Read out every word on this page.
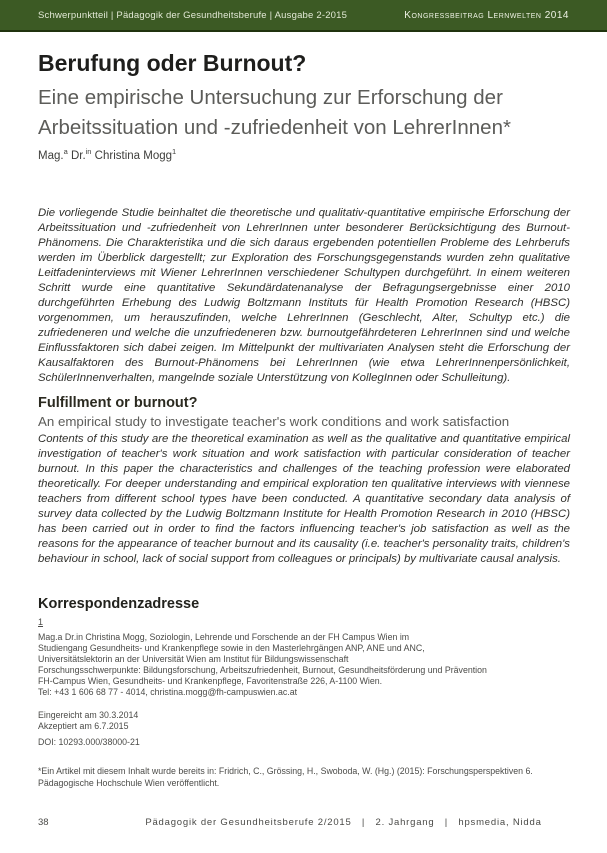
Schwerpunktteil | Pädagogik der Gesundheitsberufe | Ausgabe 2-2015	Kongressbeitrag Lernwelten 2014
Berufung oder Burnout?
Eine empirische Untersuchung zur Erforschung der
Arbeitssituation und -zufriedenheit von LehrerInnen*
Mag.$^a$ Dr.$^{in}$ Christina Mogg$^1$

Die vorliegende Studie beinhaltet die theoretische und qualitativ-quantitative empirische Erforschung der Arbeitssituation und -zufriedenheit von LehrerInnen unter besonderer Berücksichtigung des Burnout-Phänomens. Die Charakteristika und die sich daraus ergebenden potentiellen Probleme des Lehrberufs werden im Überblick dargestellt; zur Exploration des Forschungsgegenstands wurden zehn qualitative Leitfadeninterviews mit Wiener LehrerInnen verschiedener Schultypen durchgeführt. In einem weiteren Schritt wurde eine quantitative Sekundärdatenanalyse der Befragungsergebnisse einer 2010 durchgeführten Erhebung des Ludwig Boltzmann Instituts für Health Promotion Research (HBSC) vorgenommen, um herauszufinden, welche LehrerInnen (Geschlecht, Alter, Schultyp etc.) die zufriedeneren und welche die unzufriedeneren bzw. burnoutgefährdeteren LehrerInnen sind und welche Einflussfaktoren sich dabei zeigen. Im Mittelpunkt der multivariaten Analysen steht die Erforschung der Kausalfaktoren des Burnout-Phänomens bei LehrerInnen (wie etwa LehrerInnenpersönlichkeit, SchülerInnenverhalten, mangelnde soziale Unterstützung von KollegInnen oder Schulleitung).

Fulfillment or burnout?
An empirical study to investigate teacher's work conditions and work satisfaction

Contents of this study are the theoretical examination as well as the qualitative and quantitative empirical investigation of teacher's work situation and work satisfaction with particular consideration of teacher burnout. In this paper the characteristics and challenges of the teaching profession were elaborated theoretically. For deeper understanding and empirical exploration ten qualitative interviews with viennese teachers from different school types have been conducted. A quantitative secondary data analysis of survey data collected by the Ludwig Boltzmann Institute for Health Promotion Research in 2010 (HBSC) has been carried out in order to find the factors influencing teacher's job satisfaction as well as the reasons for the appearance of teacher burnout and its causality (i.e. teacher's personality traits, children's behaviour in school, lack of social support from colleagues or principals) by multivariate causal analysis.

Korrespondenzadresse
1
Mag.a Dr.in Christina Mogg, Soziologin, Lehrende und Forschende an der FH Campus Wien im
Studiengang Gesundheits- und Krankenpflege sowie in den Masterlehrgängen ANP, ANE und ANC,
Universitätslektorin an der Universität Wien am Institut für Bildungswissenschaft
Forschungsschwerpunkte: Bildungsforschung, Arbeitszufriedenheit, Burnout, Gesundheitsförderung und Prävention
FH-Campus Wien, Gesundheits- und Krankenpflege, Favoritenstraße 226, A-1100 Wien.
Tel: +43 1 606 68 77 - 4014, christina.mogg@fh-campuswien.ac.at
Eingereicht am 30.3.2014
Akzeptiert am 6.7.2015
DOI: 10293.000/38000-21

*Ein Artikel mit diesem Inhalt wurde bereits in: Fridrich, C., Grössing, H., Swoboda, W. (Hg.) (2015): Forschungsperspektiven 6. Pädagogische Hochschule Wien veröffentlicht.

38	Pädagogik der Gesundheitsberufe 2/2015   |   2. Jahrgang   |   hpsmedia, Nidda
